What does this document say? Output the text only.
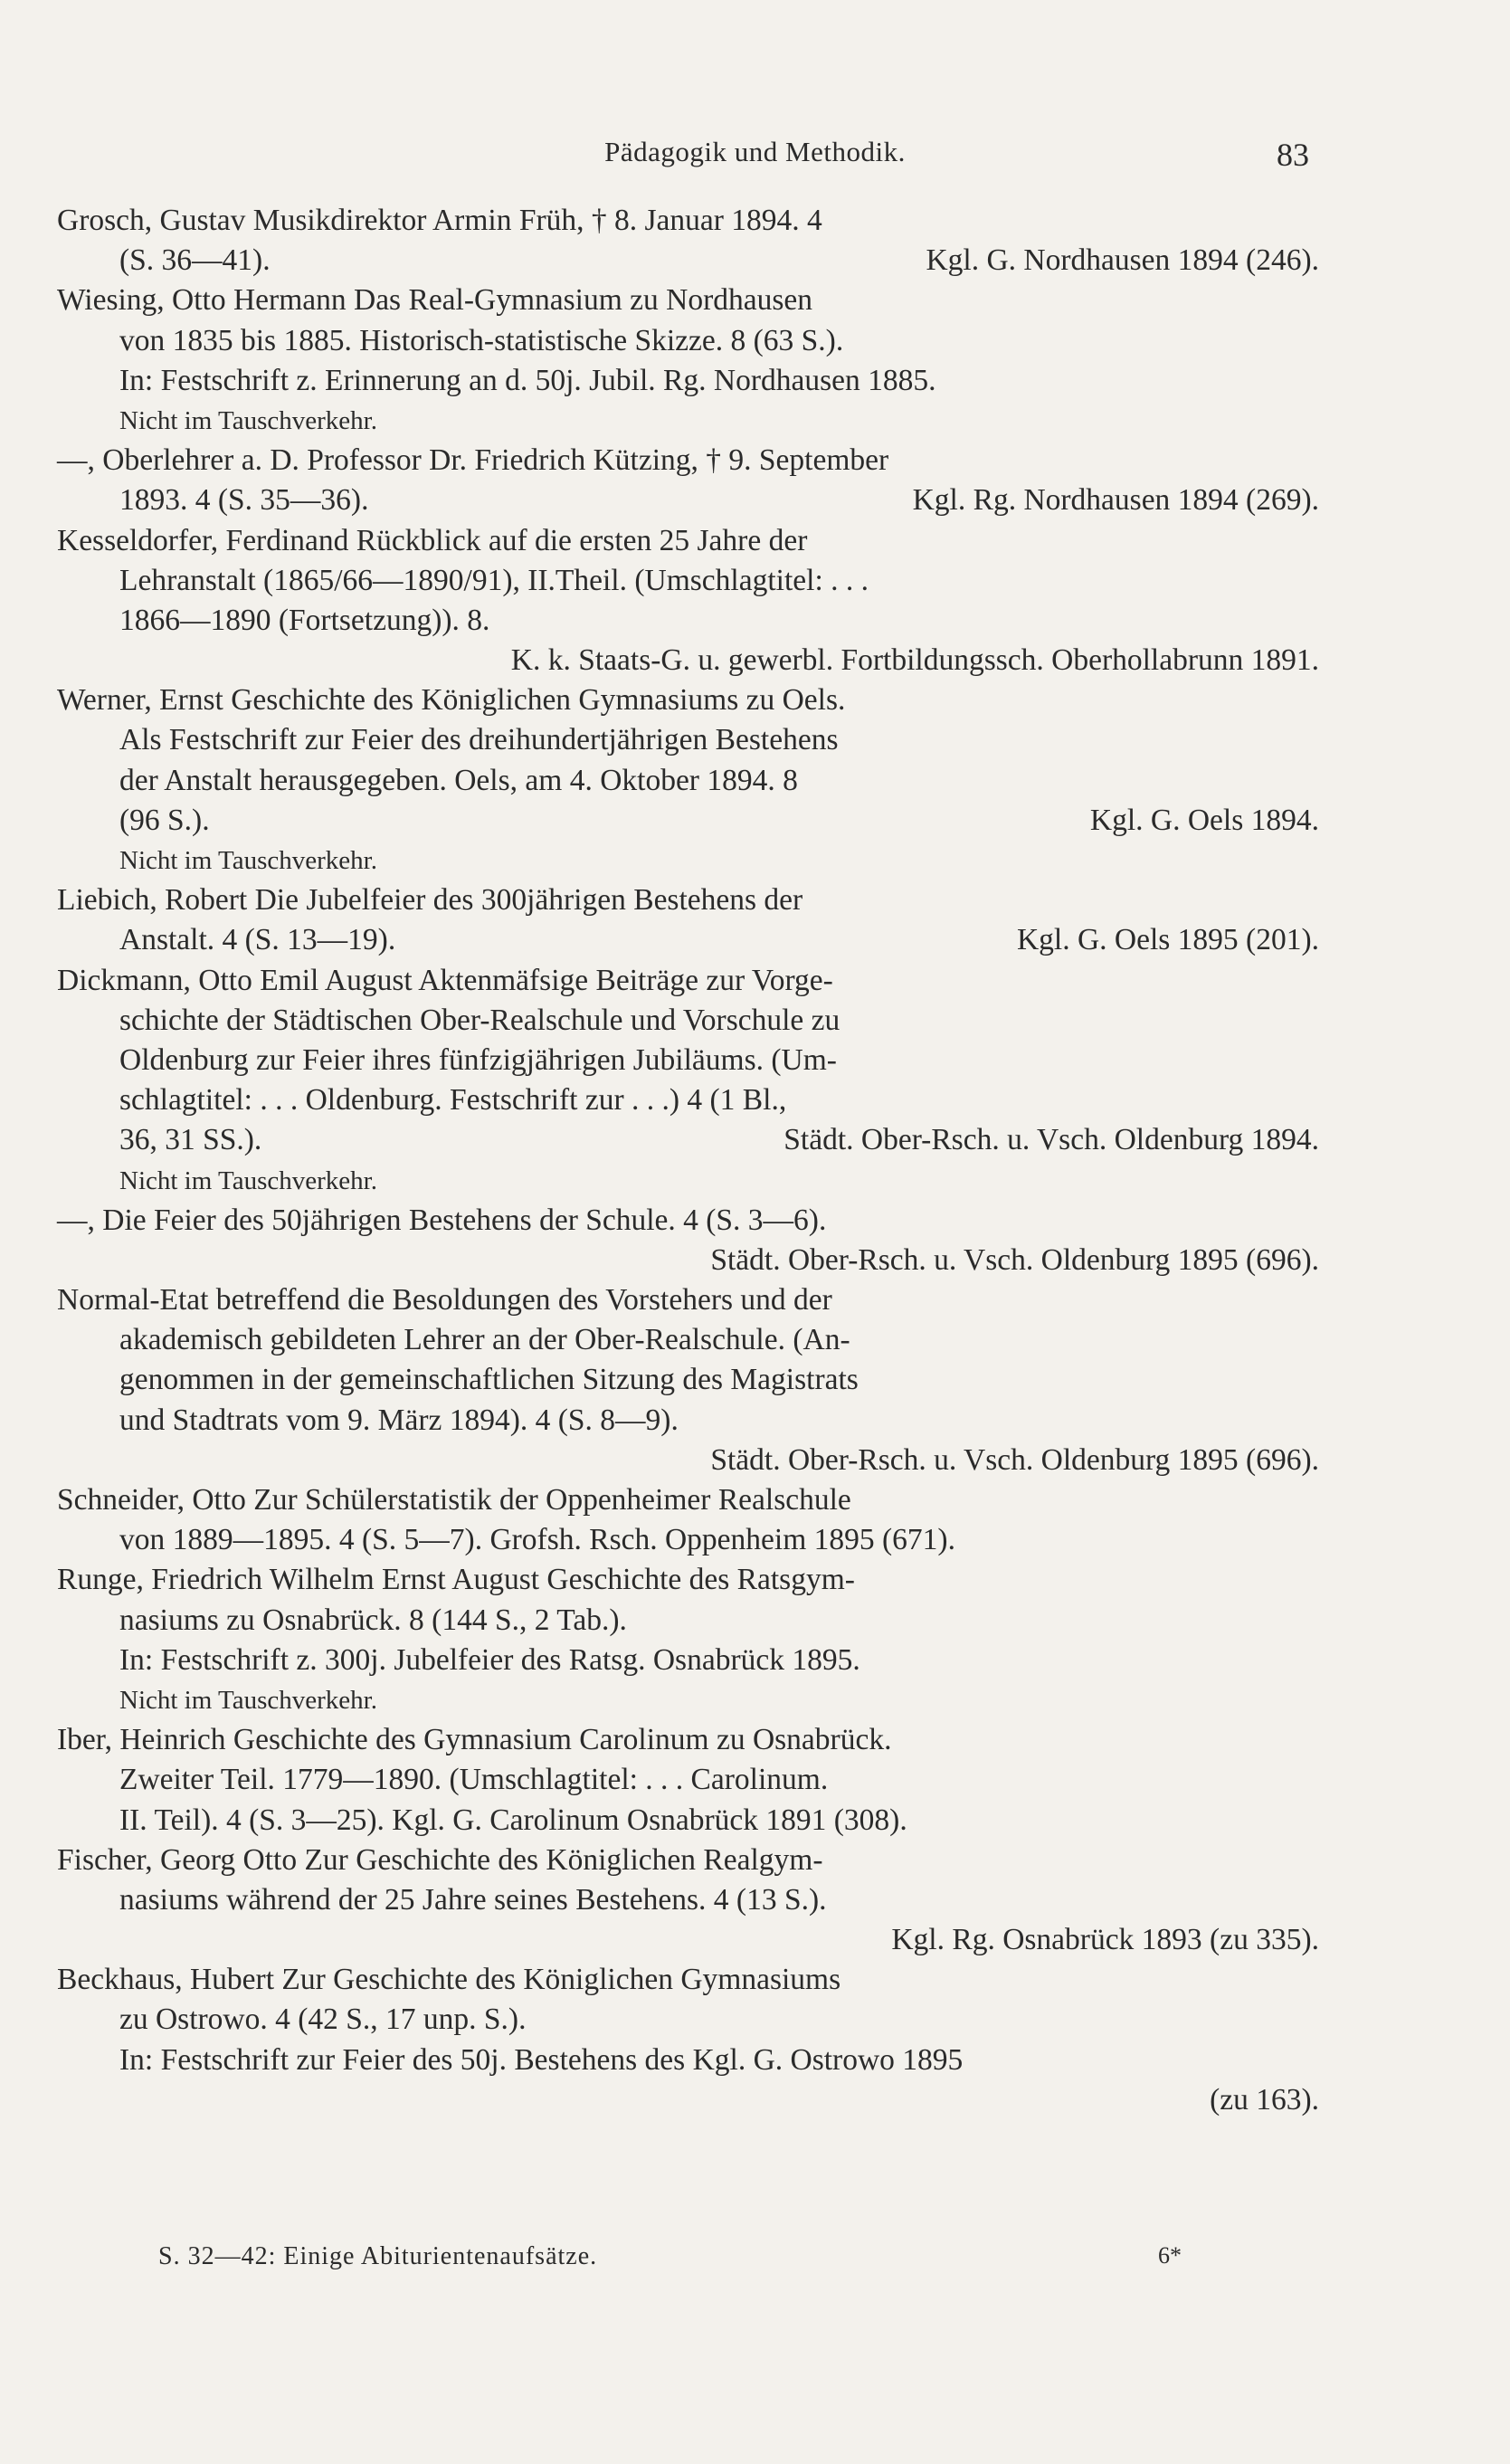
Pädagogik und Methodik.	83
Grosch, Gustav Musikdirektor Armin Früh, † 8. Januar 1894. 4
(S. 36—41).	Kgl. G. Nordhausen 1894 (246).
Wiesing, Otto Hermann Das Real-Gymnasium zu Nordhausen
von 1835 bis 1885. Historisch-statistische Skizze. 8 (63 S.).
In: Festschrift z. Erinnerung an d. 50j. Jubil. Rg. Nordhausen 1885.
Nicht im Tauschverkehr.
—, Oberlehrer a. D. Professor Dr. Friedrich Kützing, † 9. September
1893. 4 (S. 35—36).	Kgl. Rg. Nordhausen 1894 (269).
Kesseldorfer, Ferdinand Rückblick auf die ersten 25 Jahre der
Lehranstalt (1865/66—1890/91), II.Theil. (Umschlagtitel: . . .
1866—1890 (Fortsetzung)). 8.
K. k. Staats-G. u. gewerbl. Fortbildungssch. Oberhollabrunn 1891.
Werner, Ernst Geschichte des Königlichen Gymnasiums zu Oels.
Als Festschrift zur Feier des dreihundertjährigen Bestehens
der Anstalt herausgegeben. Oels, am 4. Oktober 1894. 8
(96 S.).	Kgl. G. Oels 1894.
Nicht im Tauschverkehr.
Liebich, Robert Die Jubelfeier des 300jährigen Bestehens der
Anstalt. 4 (S. 13—19).	Kgl. G. Oels 1895 (201).
Dickmann, Otto Emil August Aktenmäfsige Beiträge zur Vorge-
schichte der Städtischen Ober-Realschule und Vorschule zu
Oldenburg zur Feier ihres fünfzigjährigen Jubiläums. (Um-
schlagtitel: . . . Oldenburg. Festschrift zur . . .) 4 (1 Bl.,
36, 31 SS.).	Städt. Ober-Rsch. u. Vsch. Oldenburg 1894.
Nicht im Tauschverkehr.
—, Die Feier des 50jährigen Bestehens der Schule. 4 (S. 3—6).
Städt. Ober-Rsch. u. Vsch. Oldenburg 1895 (696).
Normal-Etat betreffend die Besoldungen des Vorstehers und der
akademisch gebildeten Lehrer an der Ober-Realschule. (An-
genommen in der gemeinschaftlichen Sitzung des Magistrats
und Stadtrats vom 9. März 1894). 4 (S. 8—9).
Städt. Ober-Rsch. u. Vsch. Oldenburg 1895 (696).
Schneider, Otto Zur Schülerstatistik der Oppenheimer Realschule
von 1889—1895. 4 (S. 5—7). Grofsh. Rsch. Oppenheim 1895 (671).
Runge, Friedrich Wilhelm Ernst August Geschichte des Ratsgym-
nasiums zu Osnabrück. 8 (144 S., 2 Tab.).
In: Festschrift z. 300j. Jubelfeier des Ratsg. Osnabrück 1895.
Nicht im Tauschverkehr.
Iber, Heinrich Geschichte des Gymnasium Carolinum zu Osnabrück.
Zweiter Teil. 1779—1890. (Umschlagtitel: . . . Carolinum.
II. Teil). 4 (S. 3—25). Kgl. G. Carolinum Osnabrück 1891 (308).
Fischer, Georg Otto Zur Geschichte des Königlichen Realgym-
nasiums während der 25 Jahre seines Bestehens. 4 (13 S.).
Kgl. Rg. Osnabrück 1893 (zu 335).
Beckhaus, Hubert Zur Geschichte des Königlichen Gymnasiums
zu Ostrowo. 4 (42 S., 17 unp. S.).
In: Festschrift zur Feier des 50j. Bestehens des Kgl. G. Ostrowo 1895
(zu 163).
S. 32—42: Einige Abiturientenaufsätze.	6*
